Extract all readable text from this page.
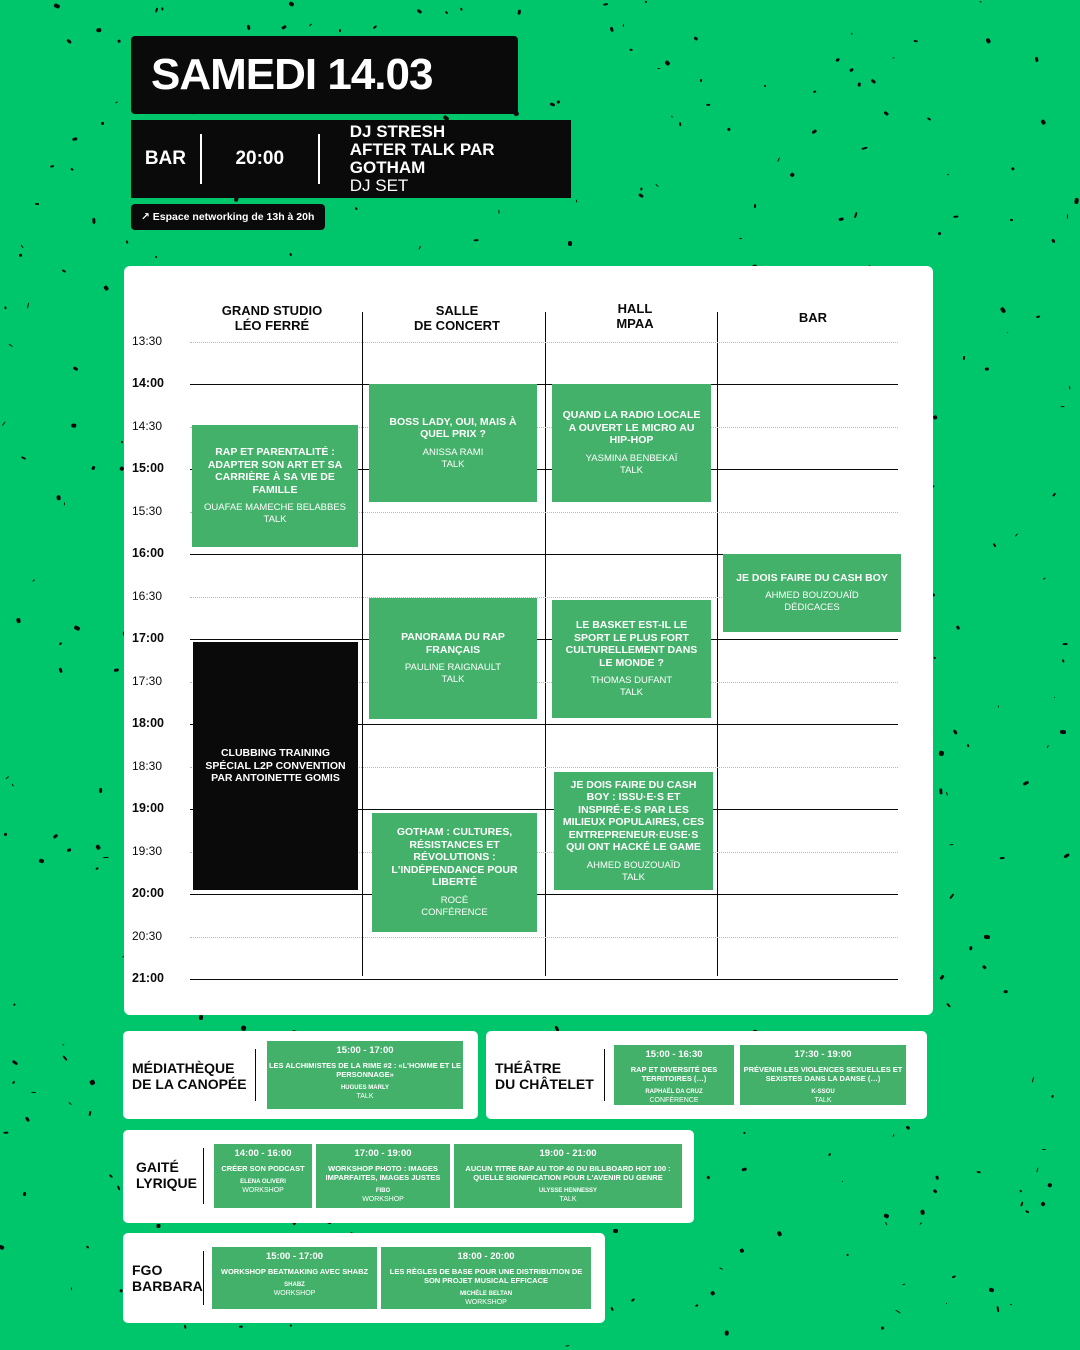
SAMEDI 14.03
BAR	20:00
DJ STRESH
AFTER TALK PAR GOTHAM
DJ SET
↗ Espace networking de 13h à 20h
GRAND STUDIO
LÉO FERRÉ
SALLE
DE CONCERT
HALL
MPAA	BAR
13:30
14:00
14:30
15:00
15:30
16:00
16:30
17:00
17:30
18:00
18:30
19:00
19:30
20:00
20:30
21:00
RAP ET PARENTALITÉ : ADAPTER SON ART ET SA CARRIÈRE À SA VIE DE FAMILLE
OUAFAE MAMECHE BELABBES
TALK
CLUBBING TRAINING SPÉCIAL L2P CONVENTION PAR ANTOINETTE GOMIS
BOSS LADY, OUI, MAIS À QUEL PRIX ?
ANISSA RAMI
TALK
PANORAMA DU RAP FRANÇAIS
PAULINE RAIGNAULT
TALK
GOTHAM : CULTURES, RÉSISTANCES ET RÉVOLUTIONS : L'INDÉPENDANCE POUR LIBERTÉ
ROCÉ
CONFÉRENCE
QUAND LA RADIO LOCALE A OUVERT LE MICRO AU HIP-HOP
YASMINA BENBEKAÏ
TALK
LE BASKET EST-IL LE SPORT LE PLUS FORT CULTURELLEMENT DANS LE MONDE ?
THOMAS DUFANT
TALK
JE DOIS FAIRE DU CASH BOY : ISSU·E·S ET INSPIRÉ·E·S PAR LES MILIEUX POPULAIRES, CES ENTREPRENEUR·EUSE·S QUI ONT HACKÉ LE GAME
AHMED BOUZOUAÏD
TALK
JE DOIS FAIRE DU CASH BOY
AHMED BOUZOUAÏD
DÉDICACES
MÉDIATHÈQUE
DE LA CANOPÉE
15:00 - 17:00
LES ALCHIMISTES DE LA RIME #2 : «L'HOMME ET LE PERSONNAGE»
HUGUES MARLY
TALK
THÉÂTRE
DU CHÂTELET
15:00 - 16:30
RAP ET DIVERSITÉ DES TERRITOIRES (…)
RAPHAËL DA CRUZ
CONFÉRENCE
17:30 - 19:00
PRÉVENIR LES VIOLENCES SEXUELLES ET SEXISTES DANS LA DANSE (…)
K-SSOU
TALK
GAITÉ
LYRIQUE
14:00 - 16:00
CRÉER SON PODCAST
ELENA OLIVERI
WORKSHOP
17:00 - 19:00
WORKSHOP PHOTO : IMAGES IMPARFAITES, IMAGES JUSTES
FIBO
WORKSHOP
19:00 - 21:00
AUCUN TITRE RAP AU TOP 40 DU BILLBOARD HOT 100 : QUELLE SIGNIFICATION POUR L'AVENIR DU GENRE
ULYSSE HENNESSY
TALK
FGO
BARBARA
15:00 - 17:00
WORKSHOP BEATMAKING AVEC SHABZ
SHABZ
WORKSHOP
18:00 - 20:00
LES RÈGLES DE BASE POUR UNE DISTRIBUTION DE SON PROJET MUSICAL EFFICACE
MICHÈLE BELTAN
WORKSHOP
